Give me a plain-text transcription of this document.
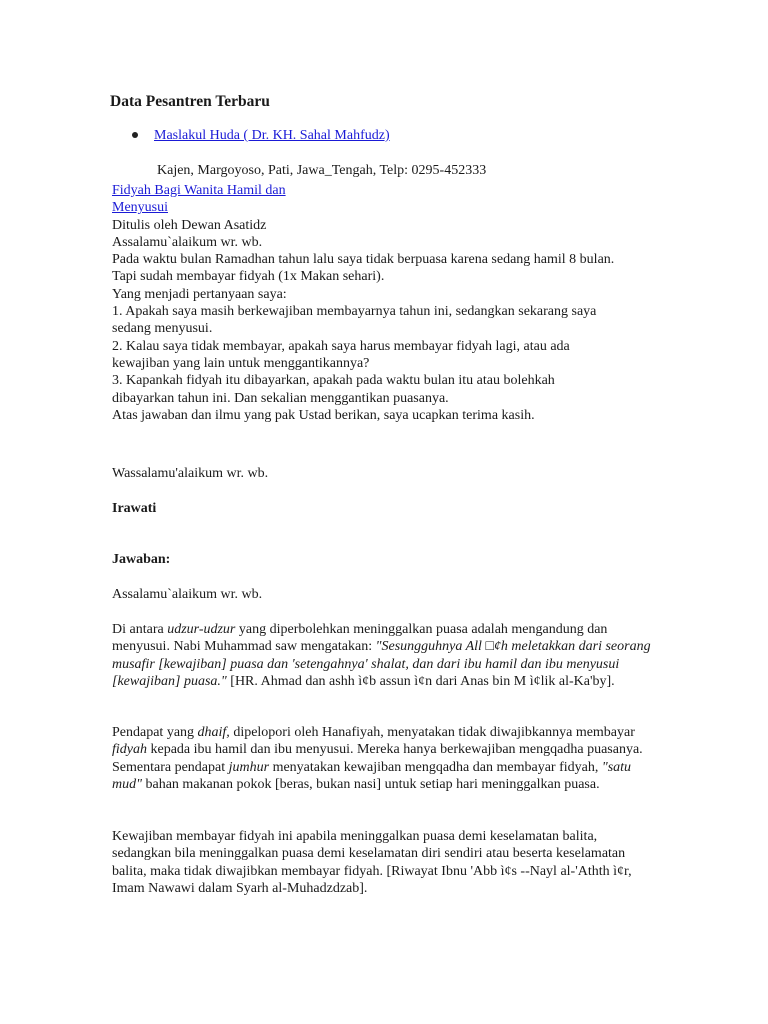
Data Pesantren Terbaru
Maslakul Huda ( Dr. KH. Sahal Mahfudz)
Kajen, Margoyoso, Pati, Jawa_Tengah, Telp: 0295-452333

Fidyah Bagi Wanita Hamil dan

Menyusui

Ditulis oleh Dewan Asatidz

Assalamu`alaikum wr. wb.

Pada waktu bulan Ramadhan tahun lalu saya tidak berpuasa karena sedang hamil 8 bulan.

Tapi sudah membayar fidyah (1x Makan sehari).

Yang menjadi pertanyaan saya:

1. Apakah saya masih berkewajiban membayarnya tahun ini, sedangkan sekarang saya

sedang menyusui.

2. Kalau saya tidak membayar, apakah saya harus membayar fidyah lagi, atau ada

kewajiban yang lain untuk menggantikannya?

3. Kapankah fidyah itu dibayarkan, apakah pada waktu bulan itu atau bolehkah

dibayarkan tahun ini. Dan sekalian menggantikan puasanya.

Atas jawaban dan ilmu yang pak Ustad berikan, saya ucapkan terima kasih.

Wassalamu'alaikum wr. wb.
Irawati
Jawaban:
Assalamu`alaikum wr. wb.
Di antara udzur-udzur yang diperbolehkan meninggalkan puasa adalah mengandung dan menyusui. Nabi Muhammad saw mengatakan: "Sesungguhnya All □¢h meletakkan dari seorang musafir [kewajiban] puasa dan 'setengahnya' shalat, dan dari ibu hamil dan ibu menyusui [kewajiban] puasa." [HR. Ahmad dan ashh ì¢b assun ì¢n dari Anas bin M ì¢lik al-Ka'by].
Pendapat yang dhaif, dipelopori oleh Hanafiyah, menyatakan tidak diwajibkannya membayar fidyah kepada ibu hamil dan ibu menyusui. Mereka hanya berkewajiban mengqadha puasanya. Sementara pendapat jumhur menyatakan kewajiban mengqadha dan membayar fidyah, "satu mud" bahan makanan pokok [beras, bukan nasi] untuk setiap hari meninggalkan puasa.
Kewajiban membayar fidyah ini apabila meninggalkan puasa demi keselamatan balita, sedangkan bila meninggalkan puasa demi keselamatan diri sendiri atau beserta keselamatan balita, maka tidak diwajibkan membayar fidyah. [Riwayat Ibnu 'Abb ì¢s --Nayl al-'Athth ì¢r, Imam Nawawi dalam Syarh al-Muhadzdzab].
